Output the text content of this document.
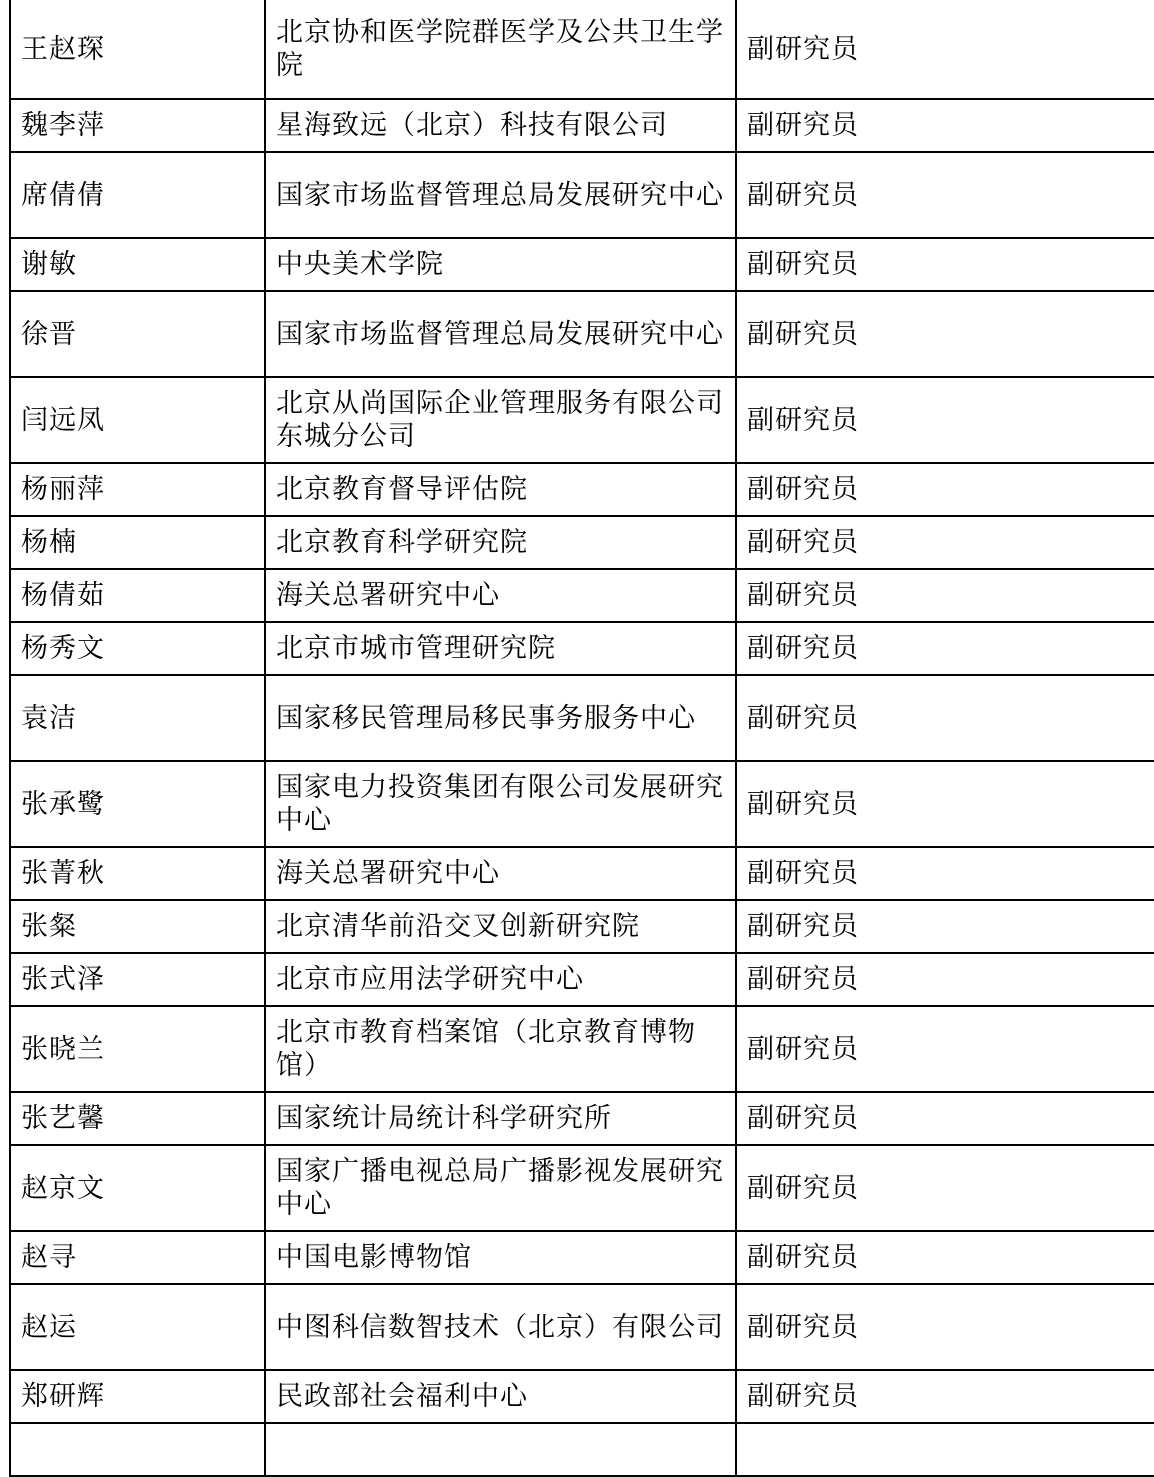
王赵琛	北京协和医学院群医学及公共卫生学院	副研究员
魏李萍	星海致远（北京）科技有限公司	副研究员
席倩倩	国家市场监督管理总局发展研究中心	副研究员
谢敏	中央美术学院	副研究员
徐晋	国家市场监督管理总局发展研究中心	副研究员
闫远凤	北京从尚国际企业管理服务有限公司东城分公司	副研究员
杨丽萍	北京教育督导评估院	副研究员
杨楠	北京教育科学研究院	副研究员
杨倩茹	海关总署研究中心	副研究员
杨秀文	北京市城市管理研究院	副研究员
袁洁	国家移民管理局移民事务服务中心	副研究员
张承鹭	国家电力投资集团有限公司发展研究中心	副研究员
张菁秋	海关总署研究中心	副研究员
张粲	北京清华前沿交叉创新研究院	副研究员
张式泽	北京市应用法学研究中心	副研究员
张晓兰	北京市教育档案馆（北京教育博物馆）	副研究员
张艺馨	国家统计局统计科学研究所	副研究员
赵京文	国家广播电视总局广播影视发展研究中心	副研究员
赵寻	中国电影博物馆	副研究员
赵运	中图科信数智技术（北京）有限公司	副研究员
郑研辉	民政部社会福利中心	副研究员
